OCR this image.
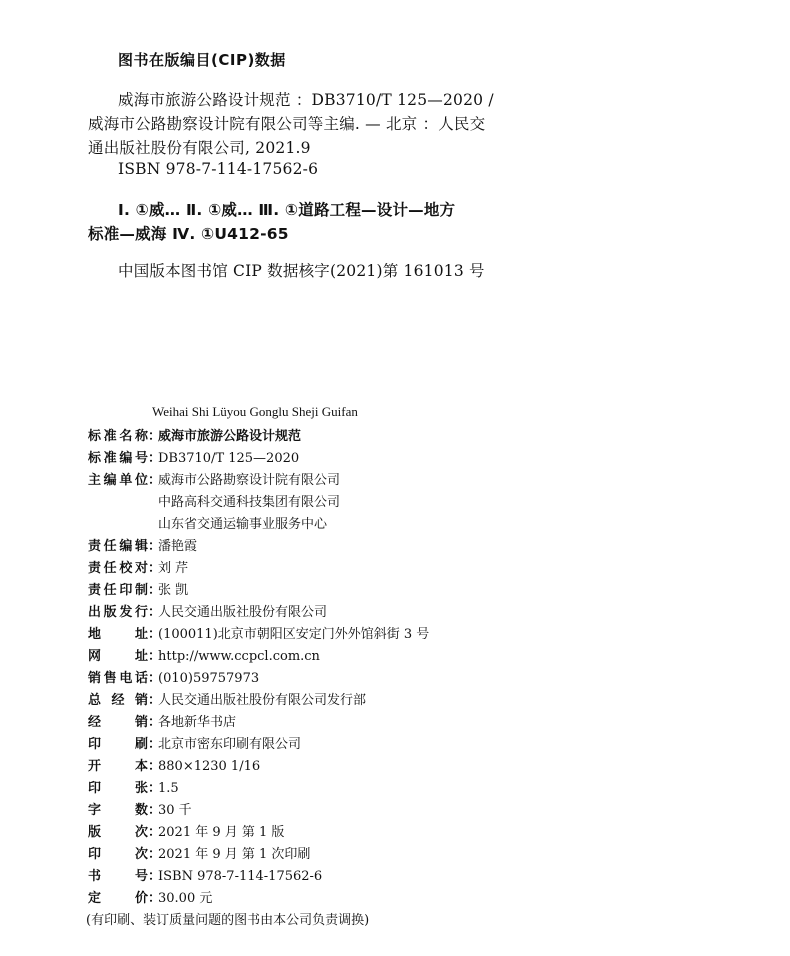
图书在版编目(CIP)数据
威海市旅游公路设计规范 ：DB3710/T 125—2020 /
威海市公路勘察设计院有限公司等主编. — 北京 ：人民交
通出版社股份有限公司, 2021.9
ISBN 978-7-114-17562-6
Ⅰ. ①威… Ⅱ. ①威… Ⅲ. ①道路工程—设计—地方
标准—威海 Ⅳ. ①U412-65
中国版本图书馆 CIP 数据核字(2021)第 161013 号
Weihai Shi Lüyou Gonglu Sheji Guifan
标 准 名 称 ：
威海市旅游公路设计规范
标 准 编 号 ：
DB3710/T 125—2020
主 编 单 位 ：
威海市公路勘察设计院有限公司
中路高科交通科技集团有限公司
山东省交通运输事业服务中心
责 任 编 辑 ：
潘艳霞
责 任 校 对 ：
刘 芹
责 任 印 制 ：
张 凯
出 版 发 行 ：
人民交通出版社股份有限公司
地	址 ：
(100011)北京市朝阳区安定门外外馆斜街 3 号
网	址 ：
http://www.ccpcl.com.cn
销 售 电 话 ：
(010)59757973
总 经 销 ：
人民交通出版社股份有限公司发行部
经	销 ：
各地新华书店
印	刷 ：
北京市密东印刷有限公司
开	本 ：
880×1230 1/16
印	张 ：
1.5
字	数 ：
30 千
版	次 ：
2021 年 9 月 第 1 版
印	次 ：
2021 年 9 月 第 1 次印刷
书	号 ：
ISBN 978-7-114-17562-6
定	价 ：
30.00 元
(有印刷、装订质量问题的图书由本公司负责调换)
